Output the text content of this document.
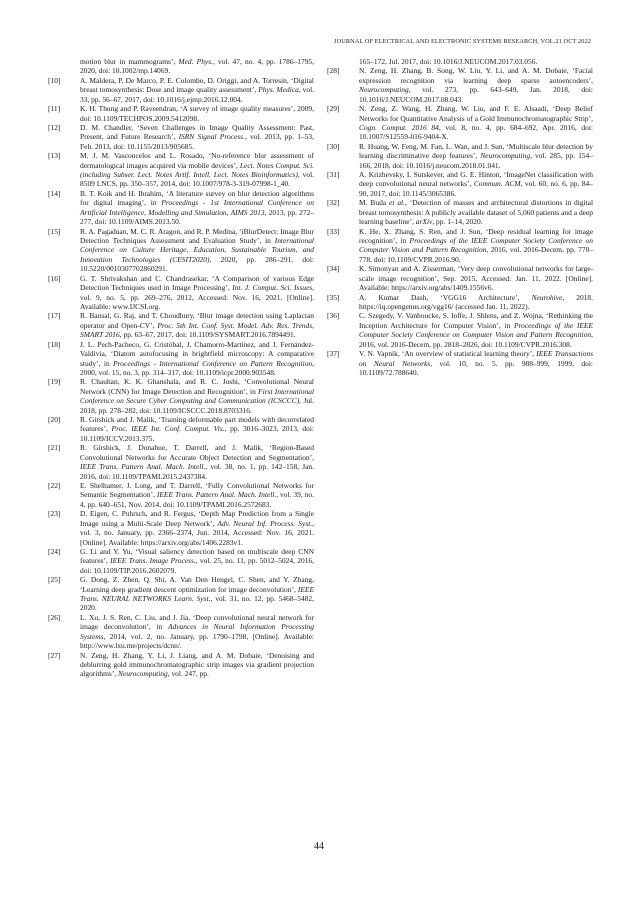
JOURNAL OF ELECTRICAL AND ELECTRONIC SYSTEMS RESEARCH, VOL.21 OCT 2022
motion blur in mammograms’, Med. Phys., vol. 47, no. 4, pp. 1786–1795, 2020, doi: 10.1002/mp.14069.
[10]	A. Maldera, P. De Marco, P. E. Colombo, D. Origgi, and A. Torresin, ‘Digital breast tomosynthesis: Dose and image quality assessment’, Phys. Medica, vol. 33, pp. 56–67, 2017, doi: 10.1016/j.ejmp.2016.12.004.
[11]	K. H. Thung and P. Raveendran, ‘A survey of image quality measures’, 2009, doi: 10.1109/TECHPOS.2009.5412098.
[12]	D. M. Chandler, ‘Seven Challenges in Image Quality Assessment: Past, Present, and Future Research’, ISRN Signal Process., vol. 2013, pp. 1–53, Feb. 2013, doi: 10.1155/2013/905685.
[13]	M. J. M. Vasconcelos and L. Rosado, ‘No-reference blur assessment of dermatological images acquired via mobile devices’, Lect. Notes Comput. Sci. (including Subser. Lect. Notes Artif. Intell. Lect. Notes Bioinformatics), vol. 8509 LNCS, pp. 350–357, 2014, doi: 10.1007/978-3-319-07998-1_40.
[14]	B. T. Koik and H. Ibrahim, ‘A literature survey on blur detection algorithms for digital imaging’, in Proceedings - 1st International Conference on Artificial Intelligence, Modelling and Simulation, AIMS 2013, 2013, pp. 272–277, doi: 10.1109/AIMS.2013.50.
[15]	R. A. Pagaduan, M. C. R. Aragon, and R. P. Medina, ‘iBlurDetect: Image Blur Detection Techniques Assessment and Evaluation Study’, in International Conference on Culture Heritage, Education, Sustainable Tourism, and Innovation Technologies (CESIT2020), 2020, pp. 286–291, doi: 10.5220/0010307702860291.
[16]	G. T. Shrivakshan and C. Chandrasekar, ‘A Comparison of various Edge Detection Techniques used in Image Processing’, Int. J. Comput. Sci. Issues, vol. 9, no. 5, pp. 269–276, 2012, Accessed: Nov. 16, 2021. [Online]. Available: www.IJCSI.org.
[17]	R. Bansal, G. Raj, and T. Choudhury, ‘Blur image detection using Laplacian operator and Open-CV’, Proc. 5th Int. Conf. Syst. Model. Adv. Res. Trends, SMART 2016, pp. 63–67, 2017, doi: 10.1109/SYSMART.2016.7894491.
[18]	J. L. Pech-Pacheco, G. Cristóbal, J. Chamorro-Martínez, and J. Fernández-Valdivia, ‘Diatom autofocusing in brightfield microscopy: A comparative study’, in Proceedings - International Conference on Pattern Recognition, 2000, vol. 15, no. 3, pp. 314–317, doi: 10.1109/icpr.2000.903548.
[19]	R. Chauhan, K. K. Ghanshala, and R. C. Joshi, ‘Convolutional Neural Network (CNN) for Image Detection and Recognition’, in First International Conference on Secure Cyber Computing and Communication (ICSCCC), Jul. 2018, pp. 278–282, doi: 10.1109/ICSCCC.2018.8703316.
[20]	R. Girshick and J. Malik, ‘Training deformable part models with decorrelated features’, Proc. IEEE Int. Conf. Comput. Vis., pp. 3016–3023, 2013, doi: 10.1109/ICCV.2013.375.
[21]	R. Girshick, J. Donahue, T. Darrell, and J. Malik, ‘Region-Based Convolutional Networks for Accurate Object Detection and Segmentation’, IEEE Trans. Pattern Anal. Mach. Intell., vol. 38, no. 1, pp. 142–158, Jan. 2016, doi: 10.1109/TPAMI.2015.2437384.
[22]	E. Shelhamer, J. Long, and T. Darrell, ‘Fully Convolutional Networks for Semantic Segmentation’, IEEE Trans. Pattern Anal. Mach. Intell., vol. 39, no. 4, pp. 640–651, Nov. 2014, doi: 10.1109/TPAMI.2016.2572683.
[23]	D. Eigen, C. Puhrsch, and R. Fergus, ‘Depth Map Prediction from a Single Image using a Multi-Scale Deep Network’, Adv. Neural Inf. Process. Syst., vol. 3, no. January, pp. 2366–2374, Jun. 2014, Accessed: Nov. 16, 2021. [Online]. Available: https://arxiv.org/abs/1406.2283v1.
[24]	G. Li and Y. Yu, ‘Visual saliency detection based on multiscale deep CNN features’, IEEE Trans. Image Process., vol. 25, no. 11, pp. 5012–5024, 2016, doi: 10.1109/TIP.2016.2602079.
[25]	G. Dong, Z. Zhen, Q. Shi, A. Van Den Hengel, C. Shen, and Y. Zhang, ‘Learning deep gradient descent optimization for image deconvolution’, IEEE Trans. NEURAL NETWORKS Learn. Syst., vol. 31, no. 12, pp. 5468–5482, 2020.
[26]	L. Xu, J. S. Ren, C. Liu, and J. Jia, ‘Deep convolutional neural network for image deconvolution’, in Advances in Neural Information Processing Systems, 2014, vol. 2, no. January, pp. 1790–1798, [Online]. Available: http://www.lxu.me/projects/dcnn/.
[27]	N. Zeng, H. Zhang, Y. Li, J. Liang, and A. M. Dobaie, ‘Denoising and deblurring gold immunochromatographic strip images via gradient projection algorithms’, Neurocomputing, vol. 247, pp.
165–172, Jul. 2017, doi: 10.1016/J.NEUCOM.2017.03.056.
[28]	N. Zeng, H. Zhang, B. Song, W. Liu, Y. Li, and A. M. Dobaie, ‘Facial expression recognition via learning deep sparse autoencoders’, Neurocomputing, vol. 273, pp. 643–649, Jan. 2018, doi: 10.1016/J.NEUCOM.2017.08.043.
[29]	N. Zeng, Z. Wang, H. Zhang, W. Liu, and F. E. Alsaadi, ‘Deep Belief Networks for Quantitative Analysis of a Gold Immunochromatographic Strip’, Cogn. Comput. 2016 84, vol. 8, no. 4, pp. 684–692, Apr. 2016, doi: 10.1007/S12559-016-9404-X.
[30]	R. Huang, W. Feng, M. Fan, L. Wan, and J. Sun, ‘Multiscale blur detection by learning discriminative deep features’, Neurocomputing, vol. 285, pp. 154–166, 2018, doi: 10.1016/j.neucom.2018.01.041.
[31]	A. Krizhevsky, I. Sutskever, and G. E. Hinton, ‘ImageNet classification with deep convolutional neural networks’, Commun. ACM, vol. 60, no. 6, pp. 84–90, 2017, doi: 10.1145/3065386.
[32]	M. Buda et al., ‘Detection of masses and architectural distortions in digital breast tomosynthesis: A publicly available dataset of 5,060 patients and a deep learning baseline’, arXiv, pp. 1–14, 2020.
[33]	K. He, X. Zhang, S. Ren, and J. Sun, ‘Deep residual learning for image recognition’, in Proceedings of the IEEE Computer Society Conference on Computer Vision and Pattern Recognition, 2016, vol. 2016-Decem, pp. 770–778, doi: 10.1109/CVPR.2016.90.
[34]	K. Simonyan and A. Zisserman, ‘Very deep convolutional networks for large-scale image recognition’, Sep. 2015, Accessed: Jan. 11, 2022. [Online]. Available: https://arxiv.org/abs/1409.1556v6.
[35]	A. Kumar Dash, ‘VGG16 Architecture’, Neurohive, 2018. https://iq.opengenus.org/vgg16/ (accessed Jan. 11, 2022).
[36]	C. Szegedy, V. Vanhoucke, S. Ioffe, J. Shlens, and Z. Wojna, ‘Rethinking the Inception Architecture for Computer Vision’, in Proceedings of the IEEE Computer Society Conference on Computer Vision and Pattern Recognition, 2016, vol. 2016-Decem, pp. 2818–2826, doi: 10.1109/CVPR.2016.308.
[37]	V. N. Vapnik, ‘An overview of statistical learning theory’, IEEE Transactions on Neural Networks, vol. 10, no. 5. pp. 988–999, 1999, doi: 10.1109/72.788640.
44
